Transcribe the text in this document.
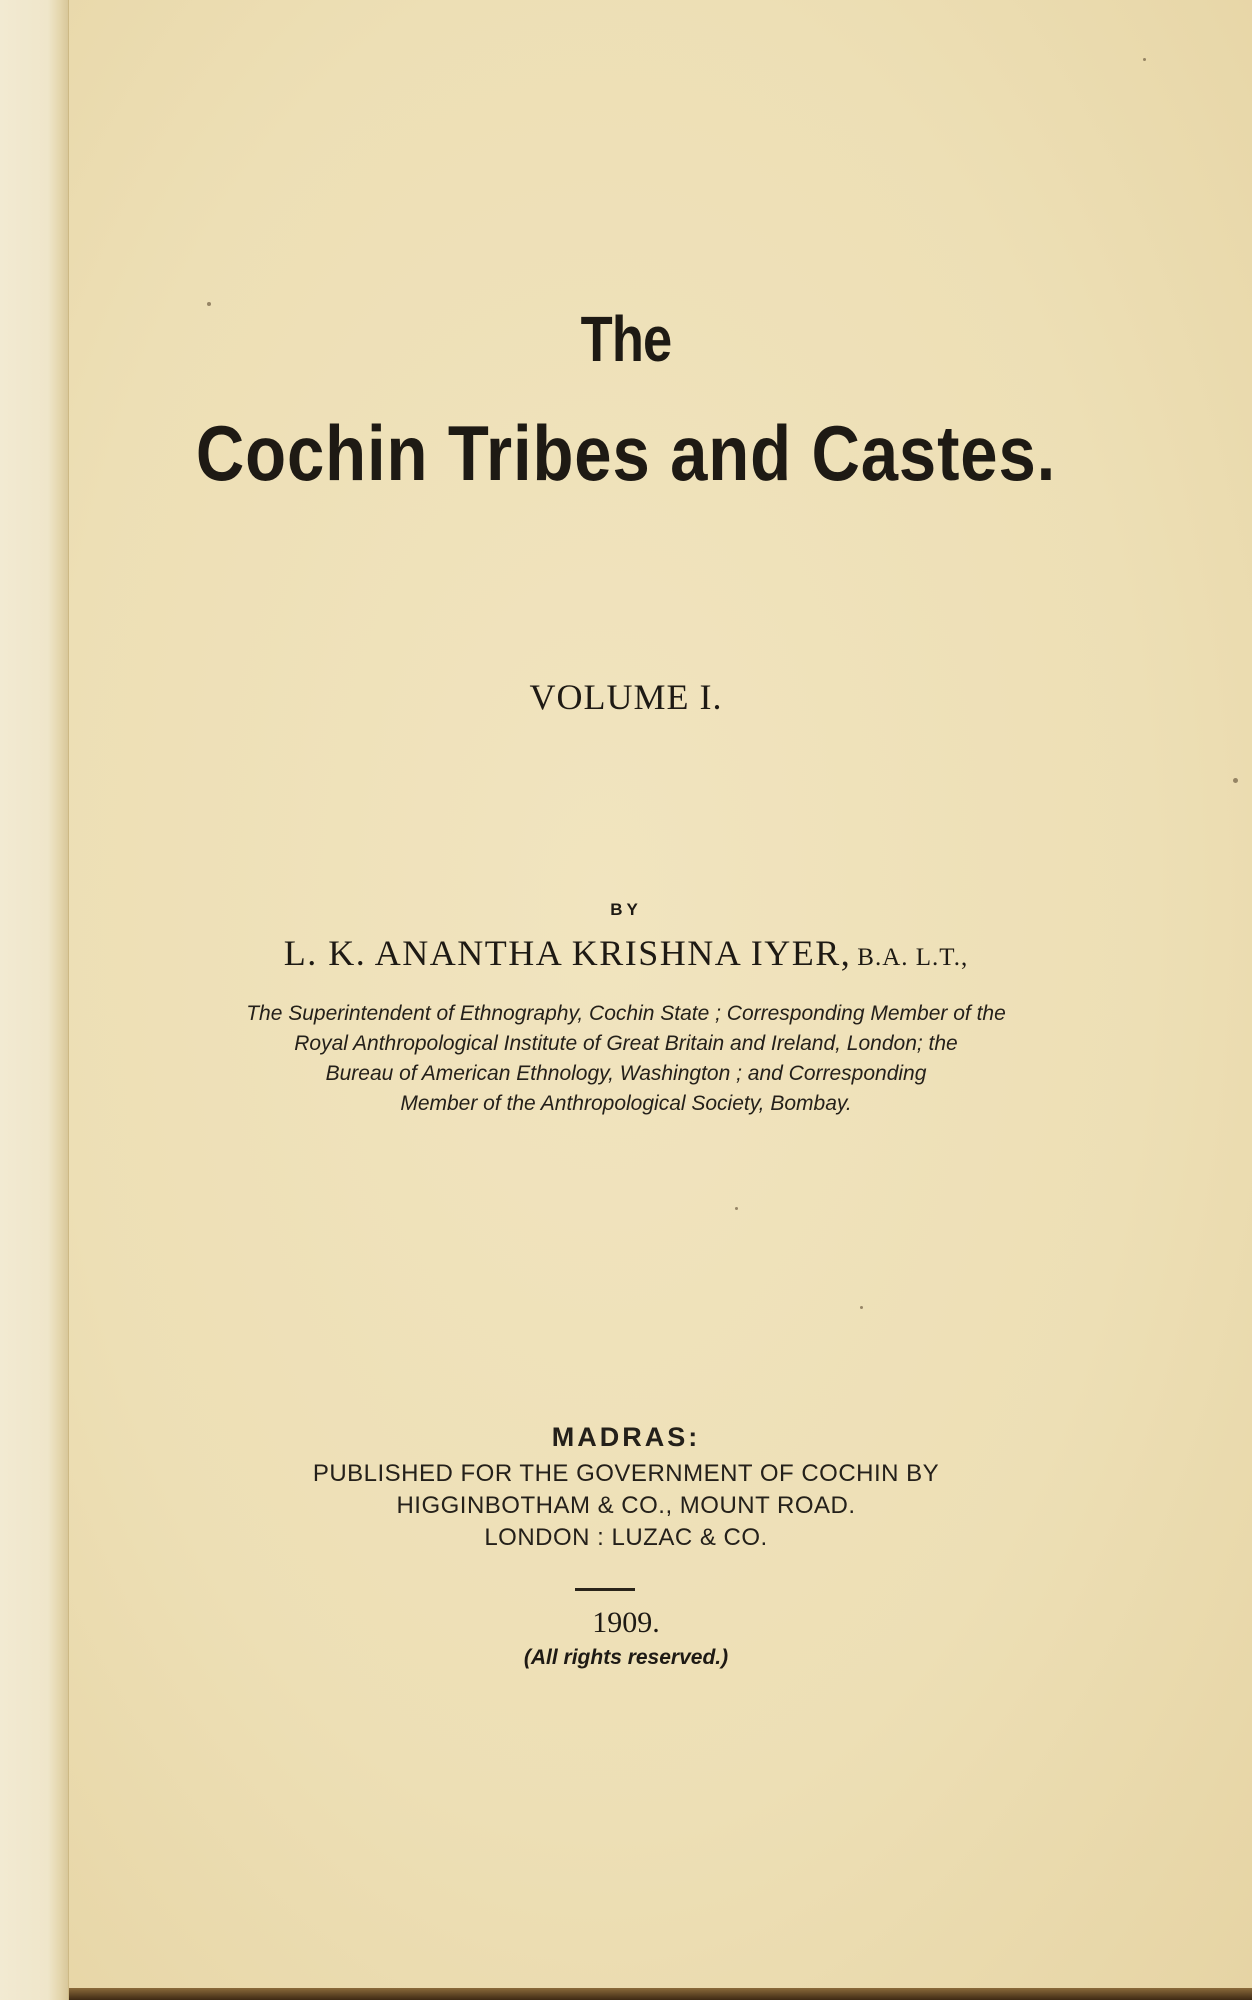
The
Cochin Tribes and Castes.
VOLUME I.
BY
L. K. ANANTHA KRISHNA IYER, B.A. L.T.,
The Superintendent of Ethnography, Cochin State ; Corresponding Member of the
Royal Anthropological Institute of Great Britain and Ireland, London; the
Bureau of American Ethnology, Washington ; and Corresponding
Member of the Anthropological Society, Bombay.
MADRAS:
PUBLISHED FOR THE GOVERNMENT OF COCHIN BY
HIGGINBOTHAM & CO., MOUNT ROAD.
LONDON : LUZAC & CO.
1909.
(All rights reserved.)
